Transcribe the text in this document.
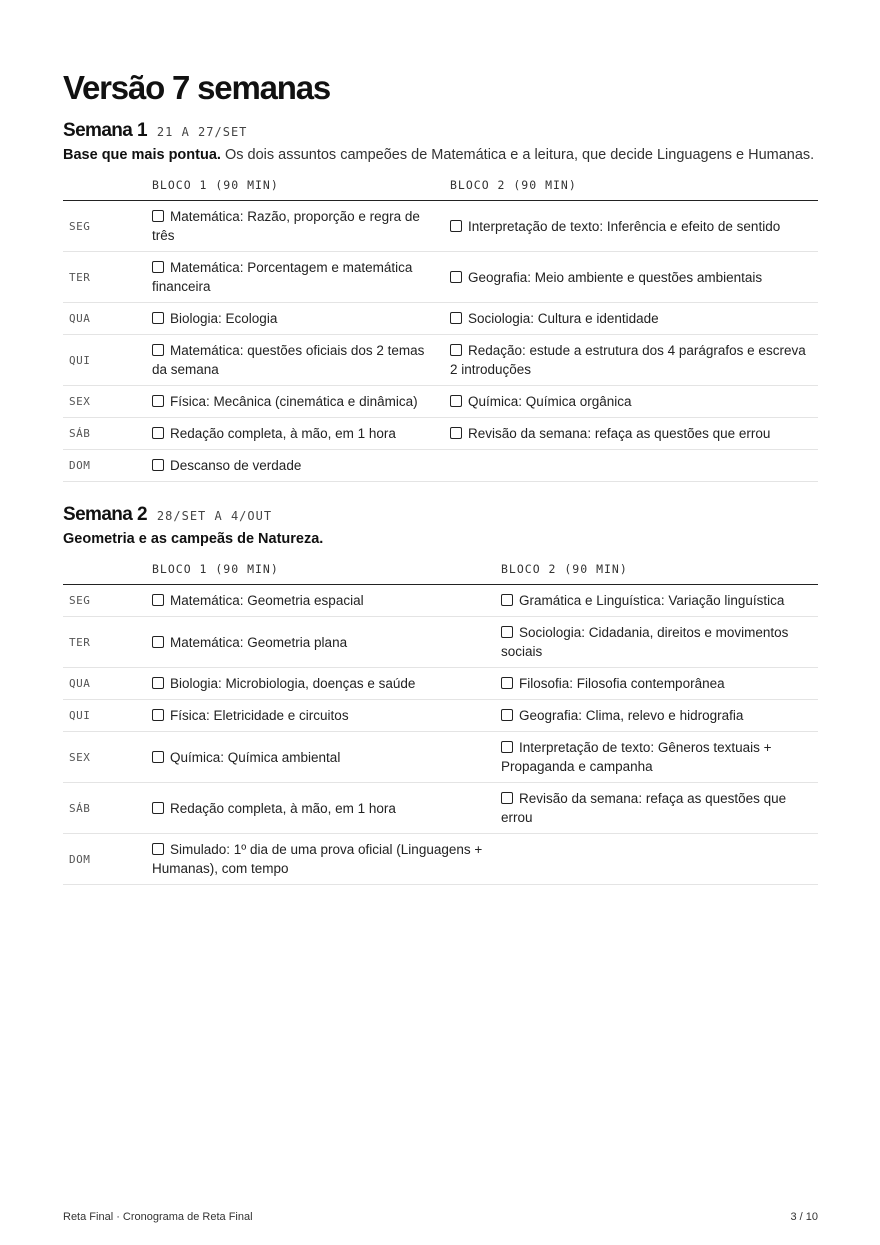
Versão 7 semanas
Semana 1 21 A 27/SET
Base que mais pontua. Os dois assuntos campeões de Matemática e a leitura, que decide Linguagens e Humanas.
	BLOCO 1 (90 MIN)	BLOCO 2 (90 MIN)
SEG	Matemática: Razão, proporção e regra de três	Interpretação de texto: Inferência e efeito de sentido
TER	Matemática: Porcentagem e matemática financeira	Geografia: Meio ambiente e questões ambientais
QUA	Biologia: Ecologia	Sociologia: Cultura e identidade
QUI	Matemática: questões oficiais dos 2 temas da semana	Redação: estude a estrutura dos 4 parágrafos e escreva 2 introduções
SEX	Física: Mecânica (cinemática e dinâmica)	Química: Química orgânica
SÁB	Redação completa, à mão, em 1 hora	Revisão da semana: refaça as questões que errou
DOM	Descanso de verdade	
Semana 2 28/SET A 4/OUT
Geometria e as campeãs de Natureza.
	BLOCO 1 (90 MIN)	BLOCO 2 (90 MIN)
SEG	Matemática: Geometria espacial	Gramática e Linguística: Variação linguística
TER	Matemática: Geometria plana	Sociologia: Cidadania, direitos e movimentos sociais
QUA	Biologia: Microbiologia, doenças e saúde	Filosofia: Filosofia contemporânea
QUI	Física: Eletricidade e circuitos	Geografia: Clima, relevo e hidrografia
SEX	Química: Química ambiental	Interpretação de texto: Gêneros textuais + Propaganda e campanha
SÁB	Redação completa, à mão, em 1 hora	Revisão da semana: refaça as questões que errou
DOM	Simulado: 1º dia de uma prova oficial (Linguagens + Humanas), com tempo	
Reta Final · Cronograma de Reta Final	3 / 10
